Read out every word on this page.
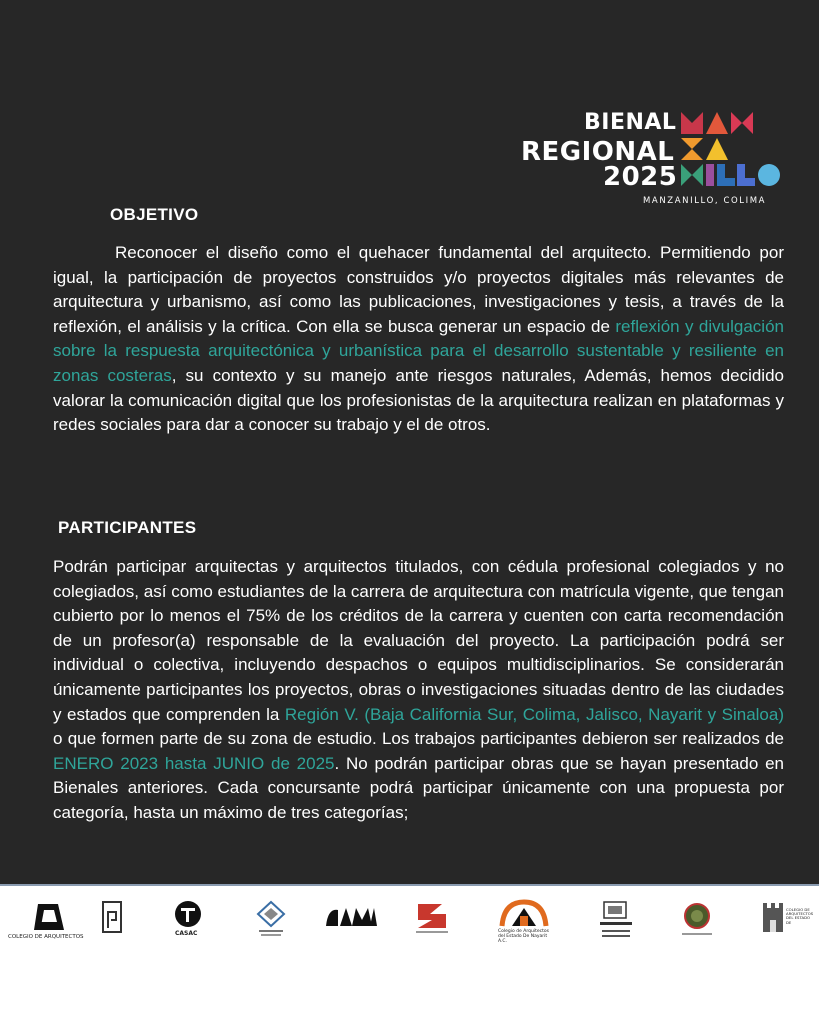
BIENAL
REGIONAL
2025
MANZANILLO, COLIMA
OBJETIVO

Reconocer el diseño como el quehacer fundamental del arquitecto. Permitiendo por igual, la participación de proyectos construidos y/o proyectos digitales más relevantes de arquitectura y urbanismo, así como las publicaciones, investigaciones y tesis, a través de la reflexión, el análisis y la crítica. Con ella se busca generar un espacio de reflexión y divulgación sobre la respuesta arquitectónica y urbanística para el desarrollo sustentable y resiliente en zonas costeras, su contexto y su manejo ante riesgos naturales, Además, hemos decidido valorar la comunicación digital que los profesionistas de la arquitectura realizan en plataformas y redes sociales para dar a conocer su trabajo y el de otros.

PARTICIPANTES

Podrán participar arquitectas y arquitectos titulados, con cédula profesional colegiados y no colegiados, así como estudiantes de la carrera de arquitectura con matrícula vigente, que tengan cubierto por lo menos el 75% de los créditos de la carrera y cuenten con carta recomendación de un profesor(a) responsable de la evaluación del proyecto. La participación podrá ser individual o colectiva, incluyendo despachos o equipos multidisciplinarios. Se considerarán únicamente participantes los proyectos, obras o investigaciones situadas dentro de las ciudades y estados que comprenden la Región V. (Baja California Sur, Colima, Jalisco, Nayarit y Sinaloa) o que formen parte de su zona de estudio. Los trabajos participantes debieron ser realizados de ENERO 2023 hasta JUNIO de 2025. No podrán participar obras que se hayan presentado en Bienales anteriores. Cada concursante podrá participar únicamente con una propuesta por categoría, hasta un máximo de tres categorías;

COLEGIO DE ARQUITECTOS	CASAC	Colegio de Arquitectos del Estado De Nayarit A.C.
COLEGIO DE ARQUITECTOS DEL ESTADO DE
